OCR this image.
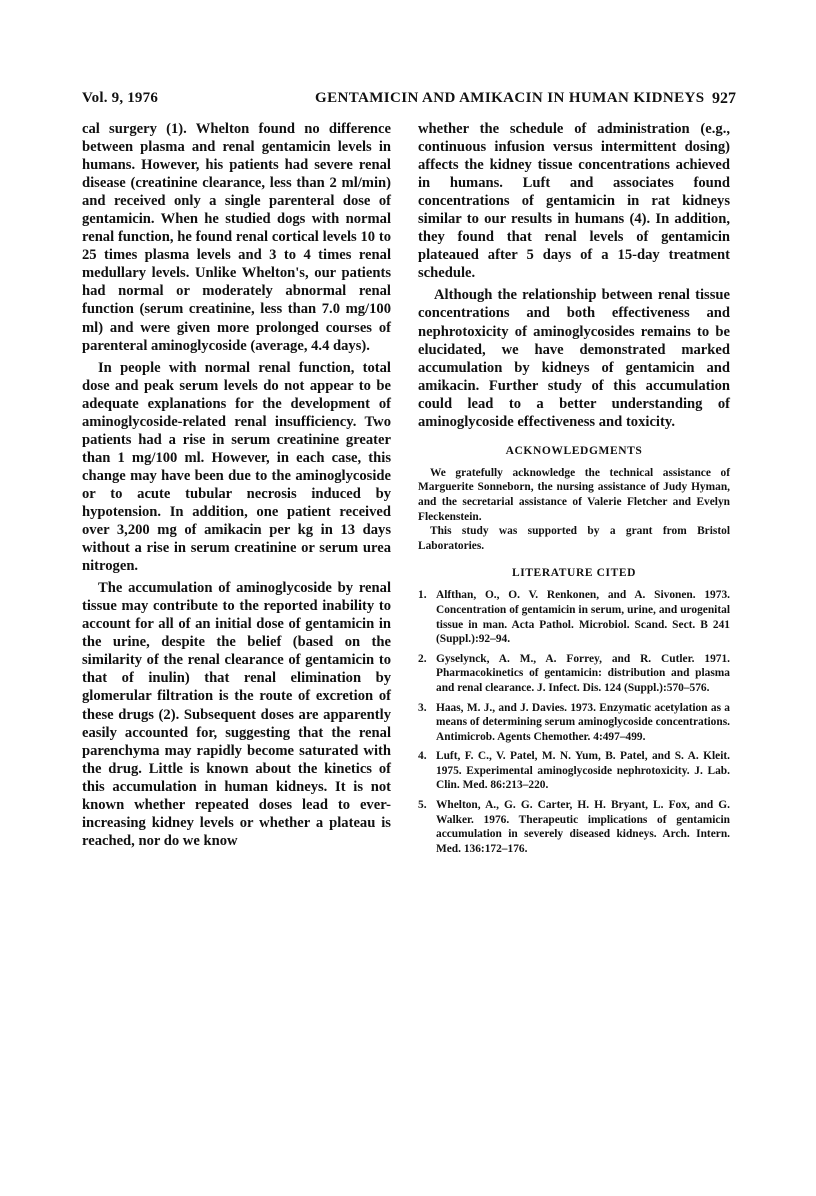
Vol. 9, 1976	GENTAMICIN AND AMIKACIN IN HUMAN KIDNEYS 927

cal surgery (1). Whelton found no difference between plasma and renal gentamicin levels in humans. However, his patients had severe renal disease (creatinine clearance, less than 2 ml/min) and received only a single parenteral dose of gentamicin. When he studied dogs with normal renal function, he found renal cortical levels 10 to 25 times plasma levels and 3 to 4 times renal medullary levels. Unlike Whelton's, our patients had normal or moderately abnormal renal function (serum creatinine, less than 7.0 mg/100 ml) and were given more prolonged courses of parenteral aminoglycoside (average, 4.4 days).

In people with normal renal function, total dose and peak serum levels do not appear to be adequate explanations for the development of aminoglycoside-related renal insufficiency. Two patients had a rise in serum creatinine greater than 1 mg/100 ml. However, in each case, this change may have been due to the aminoglycoside or to acute tubular necrosis induced by hypotension. In addition, one patient received over 3,200 mg of amikacin per kg in 13 days without a rise in serum creatinine or serum urea nitrogen.

The accumulation of aminoglycoside by renal tissue may contribute to the reported inability to account for all of an initial dose of gentamicin in the urine, despite the belief (based on the similarity of the renal clearance of gentamicin to that of inulin) that renal elimination by glomerular filtration is the route of excretion of these drugs (2). Subsequent doses are apparently easily accounted for, suggesting that the renal parenchyma may rapidly become saturated with the drug. Little is known about the kinetics of this accumulation in human kidneys. It is not known whether repeated doses lead to ever-increasing kidney levels or whether a plateau is reached, nor do we know

whether the schedule of administration (e.g., continuous infusion versus intermittent dosing) affects the kidney tissue concentrations achieved in humans. Luft and associates found concentrations of gentamicin in rat kidneys similar to our results in humans (4). In addition, they found that renal levels of gentamicin plateaued after 5 days of a 15-day treatment schedule.

Although the relationship between renal tissue concentrations and both effectiveness and nephrotoxicity of aminoglycosides remains to be elucidated, we have demonstrated marked accumulation by kidneys of gentamicin and amikacin. Further study of this accumulation could lead to a better understanding of aminoglycoside effectiveness and toxicity.

ACKNOWLEDGMENTS

We gratefully acknowledge the technical assistance of Marguerite Sonneborn, the nursing assistance of Judy Hyman, and the secretarial assistance of Valerie Fletcher and Evelyn Fleckenstein.

This study was supported by a grant from Bristol Laboratories.

LITERATURE CITED
1. Alfthan, O., O. V. Renkonen, and A. Sivonen. 1973. Concentration of gentamicin in serum, urine, and urogenital tissue in man. Acta Pathol. Microbiol. Scand. Sect. B 241 (Suppl.):92–94.
2. Gyselynck, A. M., A. Forrey, and R. Cutler. 1971. Pharmacokinetics of gentamicin: distribution and plasma and renal clearance. J. Infect. Dis. 124 (Suppl.):570–576.
3. Haas, M. J., and J. Davies. 1973. Enzymatic acetylation as a means of determining serum aminoglycoside concentrations. Antimicrob. Agents Chemother. 4:497–499.
4. Luft, F. C., V. Patel, M. N. Yum, B. Patel, and S. A. Kleit. 1975. Experimental aminoglycoside nephrotoxicity. J. Lab. Clin. Med. 86:213–220.
5. Whelton, A., G. G. Carter, H. H. Bryant, L. Fox, and G. Walker. 1976. Therapeutic implications of gentamicin accumulation in severely diseased kidneys. Arch. Intern. Med. 136:172–176.
